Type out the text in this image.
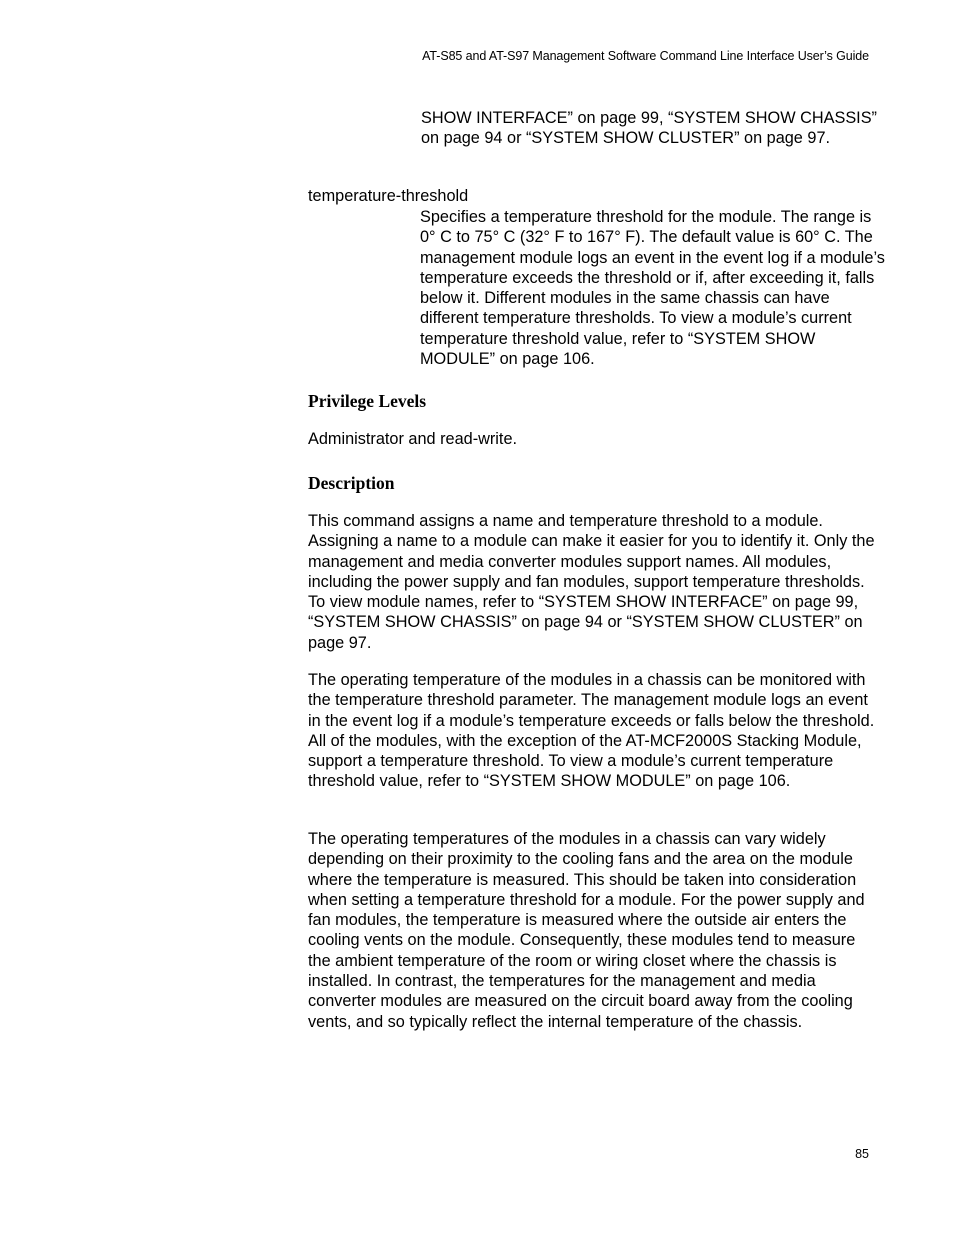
AT-S85 and AT-S97 Management Software Command Line Interface User’s Guide

SHOW INTERFACE” on page 99, “SYSTEM SHOW CHASSIS” on page 94 or “SYSTEM SHOW CLUSTER” on page 97.

temperature-threshold

Specifies a temperature threshold for the module. The range is 0° C to 75° C (32° F to 167° F). The default value is 60° C. The management module logs an event in the event log if a module’s temperature exceeds the threshold or if, after exceeding it, falls below it. Different modules in the same chassis can have different temperature thresholds. To view a module’s current temperature threshold value, refer to “SYSTEM SHOW MODULE” on page 106.

Privilege Levels

Administrator and read-write.

Description

This command assigns a name and temperature threshold to a module. Assigning a name to a module can make it easier for you to identify it. Only the management and media converter modules support names. All modules, including the power supply and fan modules, support temperature thresholds. To view module names, refer to “SYSTEM SHOW INTERFACE” on page 99, “SYSTEM SHOW CHASSIS” on page 94 or “SYSTEM SHOW CLUSTER” on page 97.

The operating temperature of the modules in a chassis can be monitored with the temperature threshold parameter. The management module logs an event in the event log if a module’s temperature exceeds or falls below the threshold. All of the modules, with the exception of the AT-MCF2000S Stacking Module, support a temperature threshold. To view a module’s current temperature threshold value, refer to “SYSTEM SHOW MODULE” on page 106.

The operating temperatures of the modules in a chassis can vary widely depending on their proximity to the cooling fans and the area on the module where the temperature is measured. This should be taken into consideration when setting a temperature threshold for a module. For the power supply and fan modules, the temperature is measured where the outside air enters the cooling vents on the module. Consequently, these modules tend to measure the ambient temperature of the room or wiring closet where the chassis is installed. In contrast, the temperatures for the management and media converter modules are measured on the circuit board away from the cooling vents, and so typically reflect the internal temperature of the chassis.

85
